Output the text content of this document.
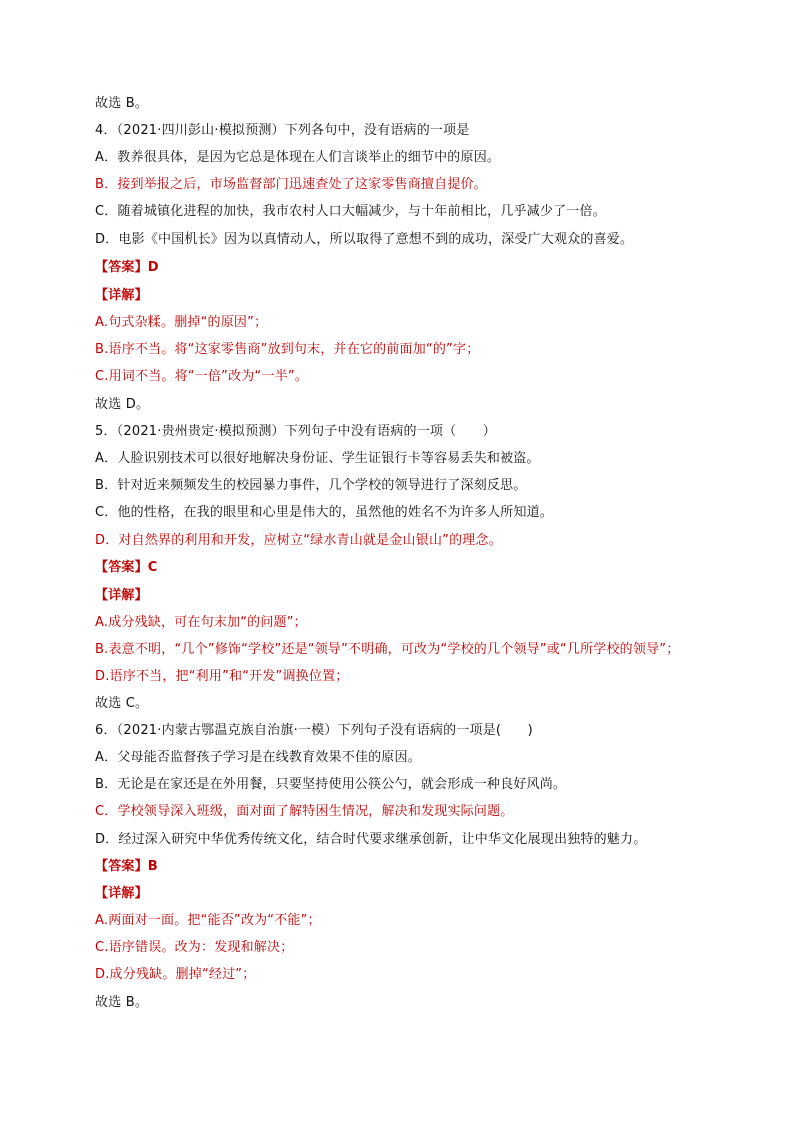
故选 B。
4．（2021·四川彭山·模拟预测）下列各句中，没有语病的一项是
A．教养很具体，是因为它总是体现在人们言谈举止的细节中的原因。
B．接到举报之后，市场监督部门迅速查处了这家零售商擅自提价。
C．随着城镇化进程的加快，我市农村人口大幅减少，与十年前相比，几乎减少了一倍。
D．电影《中国机长》因为以真情动人，所以取得了意想不到的成功，深受广大观众的喜爱。
【答案】D
【详解】
A.句式杂糅。删掉“的原因”；
B.语序不当。将“这家零售商”放到句末，并在它的前面加“的”字；
C.用词不当。将“一倍”改为“一半”。
故选 D。
5．（2021·贵州贵定·模拟预测）下列句子中没有语病的一项（　　）
A．人脸识别技术可以很好地解决身份证、学生证银行卡等容易丢失和被盗。
B．针对近来频频发生的校园暴力事件，几个学校的领导进行了深刻反思。
C．他的性格，在我的眼里和心里是伟大的，虽然他的姓名不为许多人所知道。
D．对自然界的利用和开发，应树立“绿水青山就是金山银山”的理念。
【答案】C
【详解】
A.成分残缺，可在句末加“的问题”；
B.表意不明，“几个”修饰“学校”还是“领导”不明确，可改为“学校的几个领导”或“几所学校的领导”；
D.语序不当，把“利用”和“开发”调换位置；
故选 C。
6．（2021·内蒙古鄂温克族自治旗·一模）下列句子没有语病的一项是(　　)
A．父母能否监督孩子学习是在线教育效果不佳的原因。
B．无论是在家还是在外用餐，只要坚持使用公筷公勺，就会形成一种良好风尚。
C．学校领导深入班级，面对面了解特困生情况，解决和发现实际问题。
D．经过深入研究中华优秀传统文化，结合时代要求继承创新，让中华文化展现出独特的魅力。
【答案】B
【详解】
A.两面对一面。把“能否”改为“不能”；
C.语序错误。改为：发现和解决；
D.成分残缺。删掉“经过”；
故选 B。
